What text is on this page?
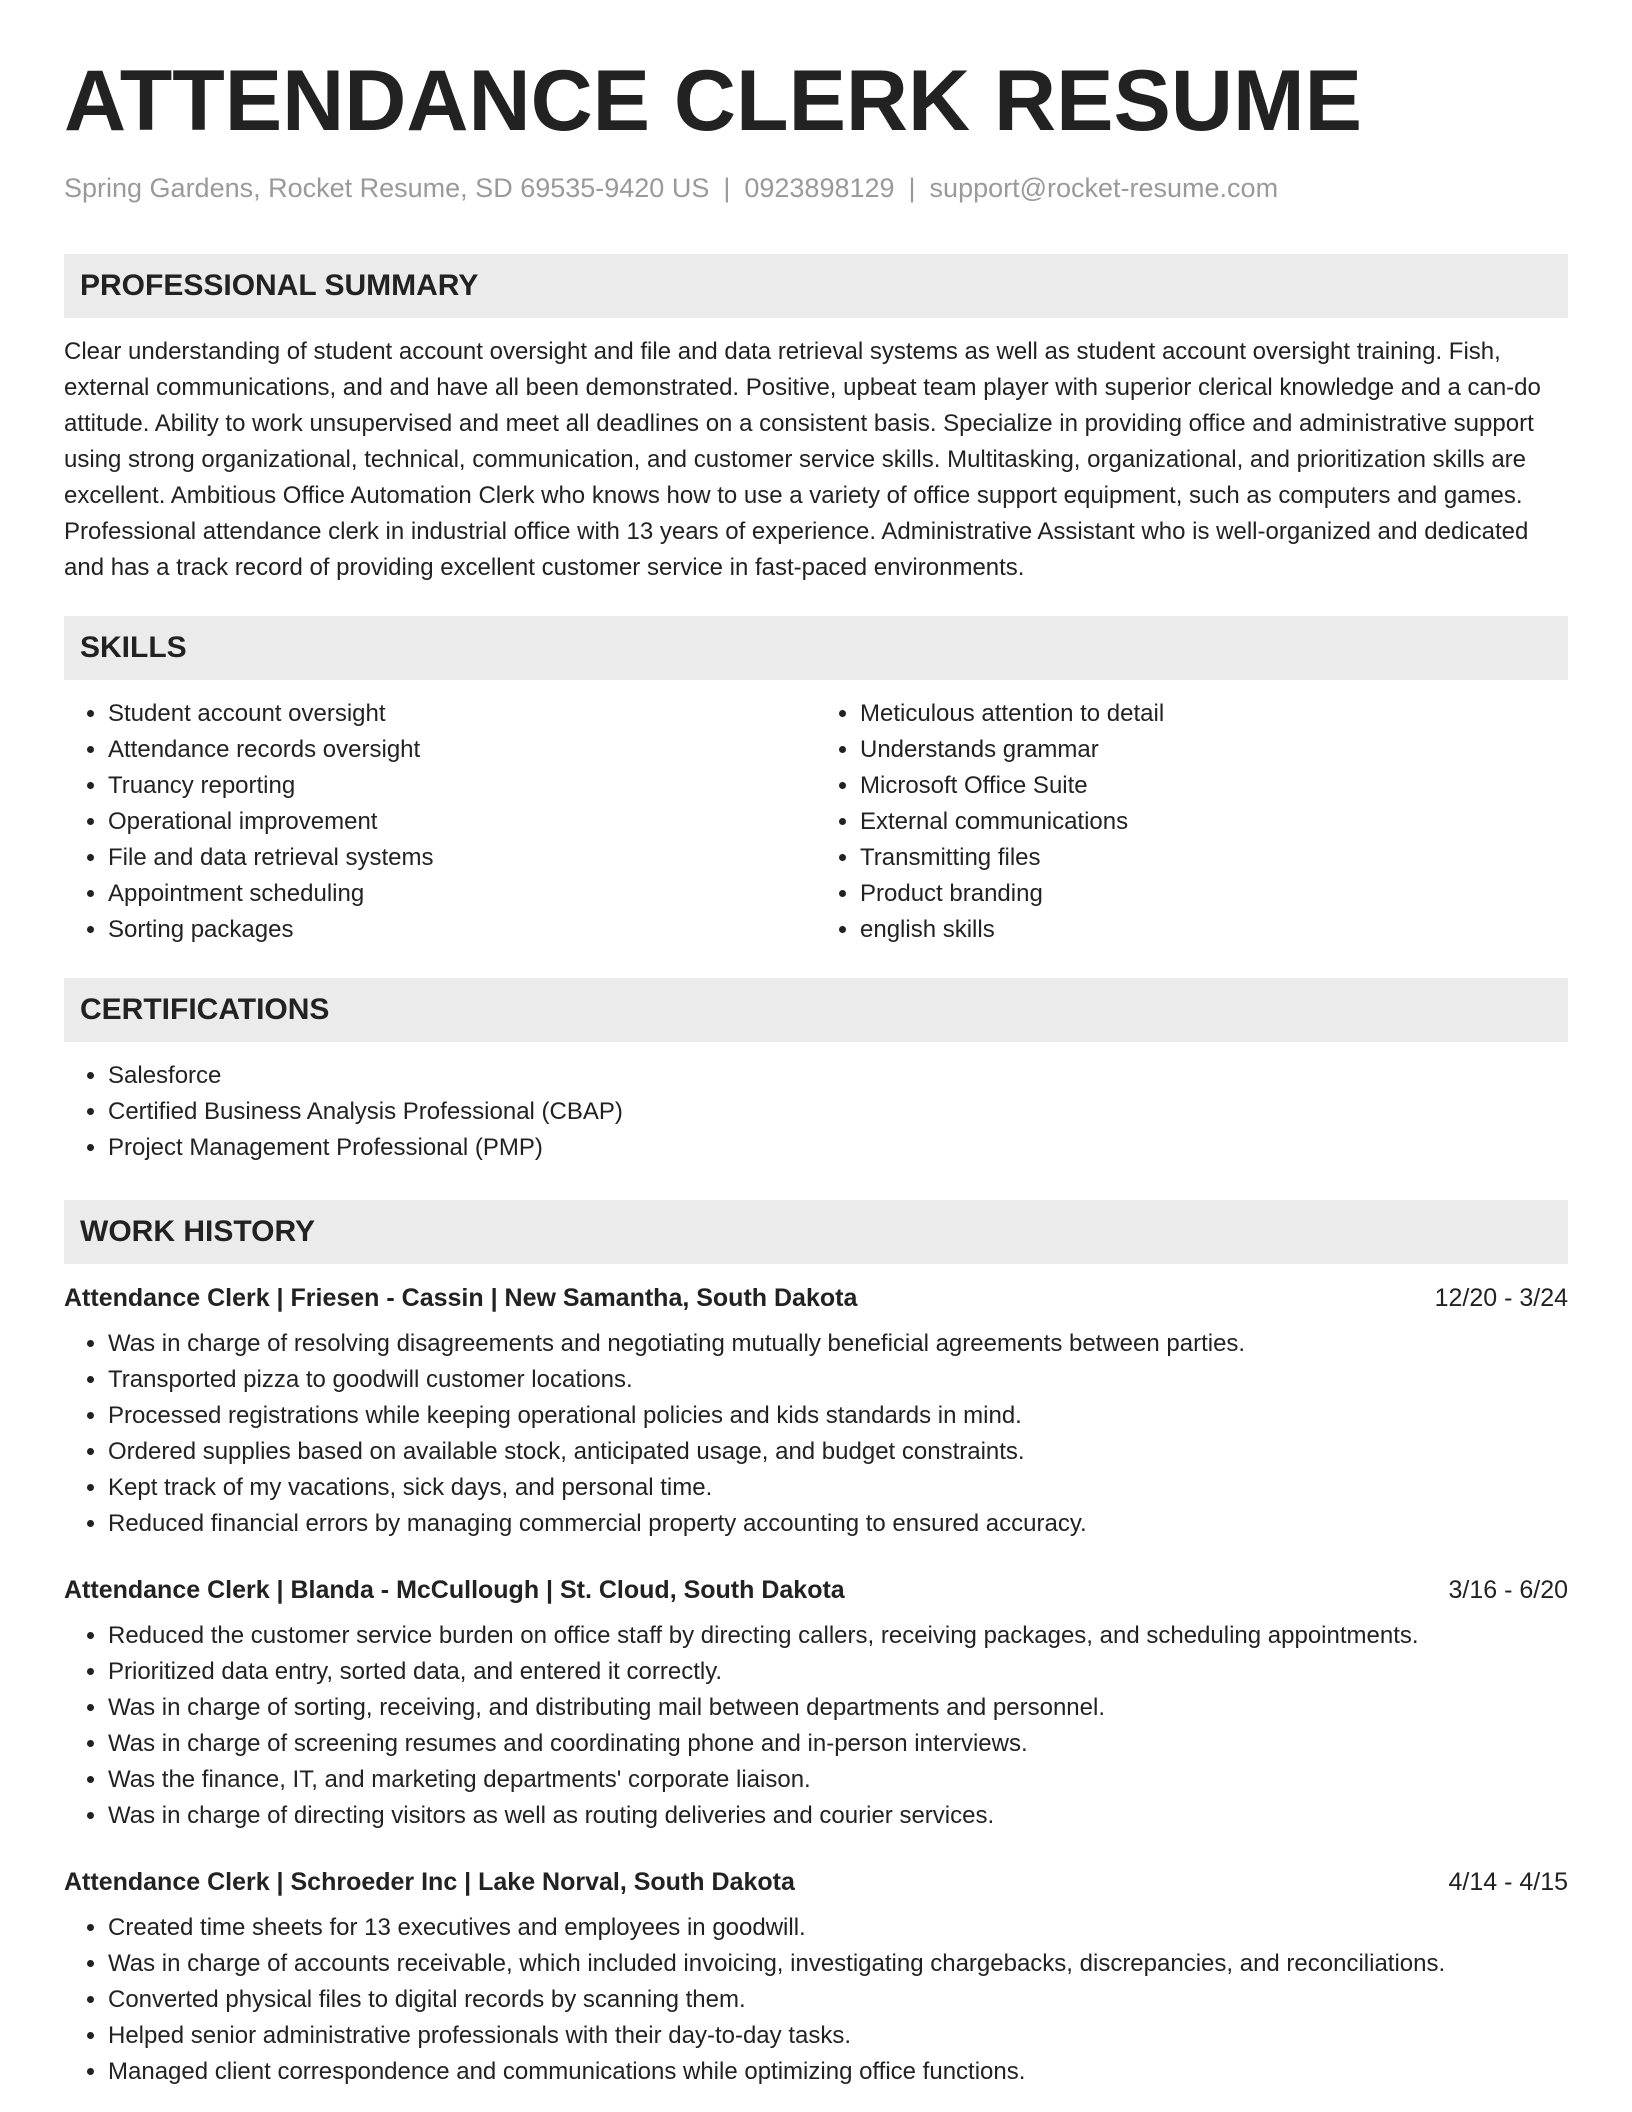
ATTENDANCE CLERK RESUME
Spring Gardens, Rocket Resume, SD 69535-9420 US | 0923898129 | support@rocket-resume.com
PROFESSIONAL SUMMARY

Clear understanding of student account oversight and file and data retrieval systems as well as student account oversight training. Fish, external communications, and and have all been demonstrated. Positive, upbeat team player with superior clerical knowledge and a can-do attitude. Ability to work unsupervised and meet all deadlines on a consistent basis. Specialize in providing office and administrative support using strong organizational, technical, communication, and customer service skills. Multitasking, organizational, and prioritization skills are excellent. Ambitious Office Automation Clerk who knows how to use a variety of office support equipment, such as computers and games. Professional attendance clerk in industrial office with 13 years of experience. Administrative Assistant who is well-organized and dedicated and has a track record of providing excellent customer service in fast-paced environments.

SKILLS
• Student account oversight
• Attendance records oversight
• Truancy reporting
• Operational improvement
• File and data retrieval systems
• Appointment scheduling
• Sorting packages
• Meticulous attention to detail
• Understands grammar
• Microsoft Office Suite
• External communications
• Transmitting files
• Product branding
• english skills
CERTIFICATIONS
• Salesforce
• Certified Business Analysis Professional (CBAP)
• Project Management Professional (PMP)
WORK HISTORY
Attendance Clerk | Friesen - Cassin | New Samantha, South Dakota	12/20 - 3/24
• Was in charge of resolving disagreements and negotiating mutually beneficial agreements between parties.
• Transported pizza to goodwill customer locations.
• Processed registrations while keeping operational policies and kids standards in mind.
• Ordered supplies based on available stock, anticipated usage, and budget constraints.
• Kept track of my vacations, sick days, and personal time.
• Reduced financial errors by managing commercial property accounting to ensured accuracy.
Attendance Clerk | Blanda - McCullough | St. Cloud, South Dakota	3/16 - 6/20
• Reduced the customer service burden on office staff by directing callers, receiving packages, and scheduling appointments.
• Prioritized data entry, sorted data, and entered it correctly.
• Was in charge of sorting, receiving, and distributing mail between departments and personnel.
• Was in charge of screening resumes and coordinating phone and in-person interviews.
• Was the finance, IT, and marketing departments' corporate liaison.
• Was in charge of directing visitors as well as routing deliveries and courier services.
Attendance Clerk | Schroeder Inc | Lake Norval, South Dakota	4/14 - 4/15
• Created time sheets for 13 executives and employees in goodwill.
• Was in charge of accounts receivable, which included invoicing, investigating chargebacks, discrepancies, and reconciliations.
• Converted physical files to digital records by scanning them.
• Helped senior administrative professionals with their day-to-day tasks.
• Managed client correspondence and communications while optimizing office functions.
